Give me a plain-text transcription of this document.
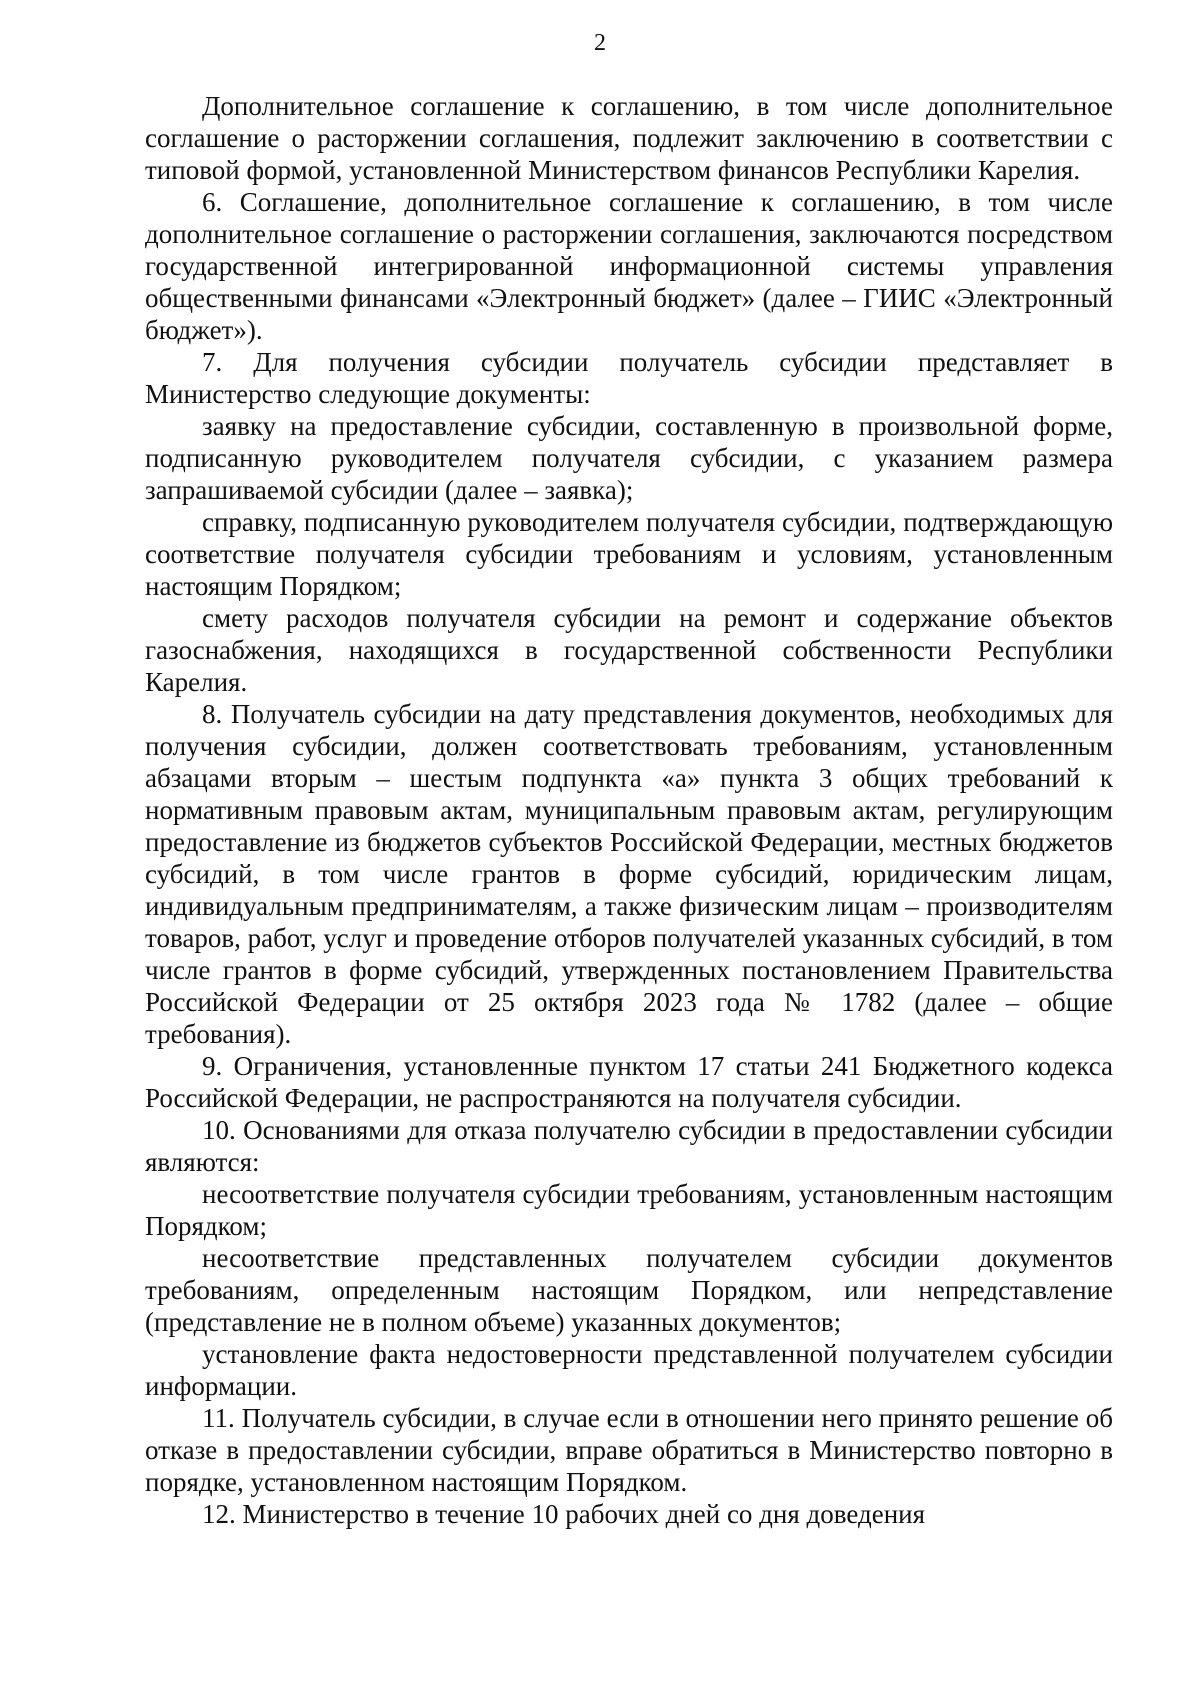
2

Дополнительное соглашение к соглашению, в том числе дополнительное соглашение о расторжении соглашения, подлежит заключению в соответствии с типовой формой, установленной Министерством финансов Республики Карелия.

6. Соглашение, дополнительное соглашение к соглашению, в том числе дополнительное соглашение о расторжении соглашения, заключаются посредством государственной интегрированной информационной системы управления общественными финансами «Электронный бюджет» (далее – ГИИС «Электронный бюджет»).

7. Для получения субсидии получатель субсидии представляет в Министерство следующие документы:

заявку на предоставление субсидии, составленную в произвольной форме, подписанную руководителем получателя субсидии, с указанием размера запрашиваемой субсидии (далее – заявка);

справку, подписанную руководителем получателя субсидии, подтверждающую соответствие получателя субсидии требованиям и условиям, установленным настоящим Порядком;

смету расходов получателя субсидии на ремонт и содержание объектов газоснабжения, находящихся в государственной собственности Республики Карелия.

8. Получатель субсидии на дату представления документов, необходимых для получения субсидии, должен соответствовать требованиям, установленным абзацами вторым – шестым подпункта «а» пункта 3 общих требований к нормативным правовым актам, муниципальным правовым актам, регулирующим предоставление из бюджетов субъектов Российской Федерации, местных бюджетов субсидий, в том числе грантов в форме субсидий, юридическим лицам, индивидуальным предпринимателям, а также физическим лицам – производителям товаров, работ, услуг и проведение отборов получателей указанных субсидий, в том числе грантов в форме субсидий, утвержденных постановлением Правительства Российской Федерации от 25 октября 2023 года № 1782 (далее – общие требования).

9. Ограничения, установленные пунктом 17 статьи 241 Бюджетного кодекса Российской Федерации, не распространяются на получателя субсидии.

10. Основаниями для отказа получателю субсидии в предоставлении субсидии являются:

несоответствие получателя субсидии требованиям, установленным настоящим Порядком;

несоответствие представленных получателем субсидии документов требованиям, определенным настоящим Порядком, или непредставление (представление не в полном объеме) указанных документов;

установление факта недостоверности представленной получателем субсидии информации.

11. Получатель субсидии, в случае если в отношении него принято решение об отказе в предоставлении субсидии, вправе обратиться в Министерство повторно в порядке, установленном настоящим Порядком.

12. Министерство в течение 10 рабочих дней со дня доведения
